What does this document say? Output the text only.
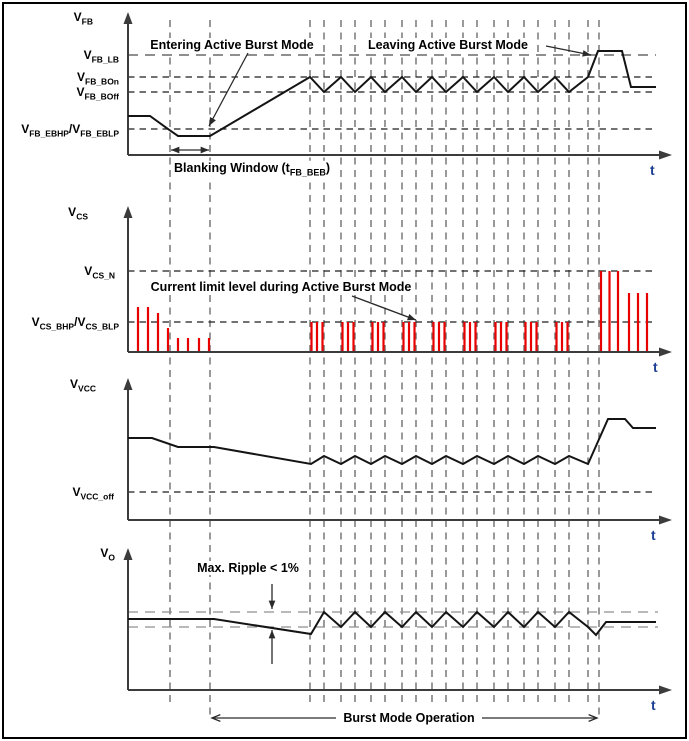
$V_{FB}$
$V_{FB\_LB}$
$V_{FB\_BOn}$
$V_{FB\_BOff}$
$V_{FB\_EBHP}/V_{FB\_EBLP}$
$V_{CS}$
$V_{CS\_N}$
$V_{CS\_BHP}/V_{CS\_BLP}$
$V_{VCC}$
$V_{VCC\_off}$
$V_O$
Entering Active Burst Mode	Leaving Active Burst Mode
Blanking Window $(t_{FB\_BEB})$
Current limit level during Active Burst Mode
Max. Ripple < 1%
Burst Mode Operation
t
t
t
t
